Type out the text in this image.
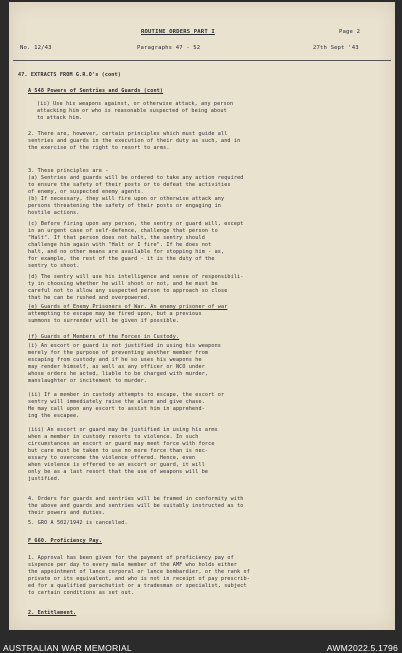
ROUTINE ORDERS PART I	Page 2
No. 12/43	Paragraphs 47 - 52	27th Sept '43
47. EXTRACTS FROM G.R.O's (cont)
A 548 Powers of Sentries and Guards (cont)
(ii) Use his weapons against, or otherwise attack, any person
attacking him or who is reasonable suspected of being about
to attack him.
2. There are, however, certain principles which must guide all
sentries and guards in the execution of their duty as such, and in
the exercise of the right to resort to arms.
3. These principles are -
(a) Sentries and guards will be ordered to take any action required
to ensure the safety of their posts or to defeat the activities
of enemy, or suspected enemy agents.
(b) If necessary, they will fire upon or otherwise attack any
persons threatening the safety of their posts or engaging in
hostile actions.
(c) Before firing upon any person, the sentry or guard will, except
in an urgent case of self-defence, challenge that person to
"Halt". If that person does not halt, the sentry should
challenge him again with "Halt or I fire". If he does not
halt, and no other means are available for stopping him - as,
for example, the rest of the guard - it is the duty of the
sentry to shoot.
(d) The sentry will use his intelligence and sense of responsibili-
ty in choosing whether he will shoot or not, and he must be
careful not to allow any suspected person to approach so close
that he can be rushed and overpowered.
(e) Guards of Enemy Prisoners of War. An enemy prisoner of war
attempting to escape may be fired upon, but a previous
summons to surrender will be given if possible.
(f) Guards of Members of the Forces in Custody.
(i) An escort or guard is not justified in using his weapons
merely for the purpose of preventing another member from
escaping from custody and if he so uses his weapons he
may render himself, as well as any officer or NCO under
whose orders he acted, liable to be charged with murder,
manslaughter or incitement to murder.
(ii) If a member in custody attempts to escape, the escort or
sentry will immediately raise the alarm and give chase.
He may call upon any escort to assist him in apprehend-
ing the escapee.
(iii) An escort or guard may be justified in using his arms
when a member in custody resorts to violence. In such
circumstances an escort or guard may meet force with force
but care must be taken to use no more force than is nec-
essary to overcome the violence offered. Hence, even
when violence is offered to an escort or guard, it will
only be as a last resort that the use of weapons will be
justified.
4. Orders for guards and sentries will be framed in conformity with
the above and guards and sentries will be suitably instructed as to
their powers and duties.
5. GRO A 502/1942 is cancelled.
F 660. Proficiency Pay.
1. Approval has been given for the payment of proficiency pay of
sixpence per day to every male member of the AMF who holds either
the appointment of lance corporal or lance bombardier, or the rank of
private or its equivalent, and who is not in receipt of pay prescrib-
ed for a qualified parachutist or a tradesman or specialist, subject
to certain conditions as set out.
2. Entitlement.
AUSTRALIAN WAR MEMORIAL	AWM2022.5.1796
